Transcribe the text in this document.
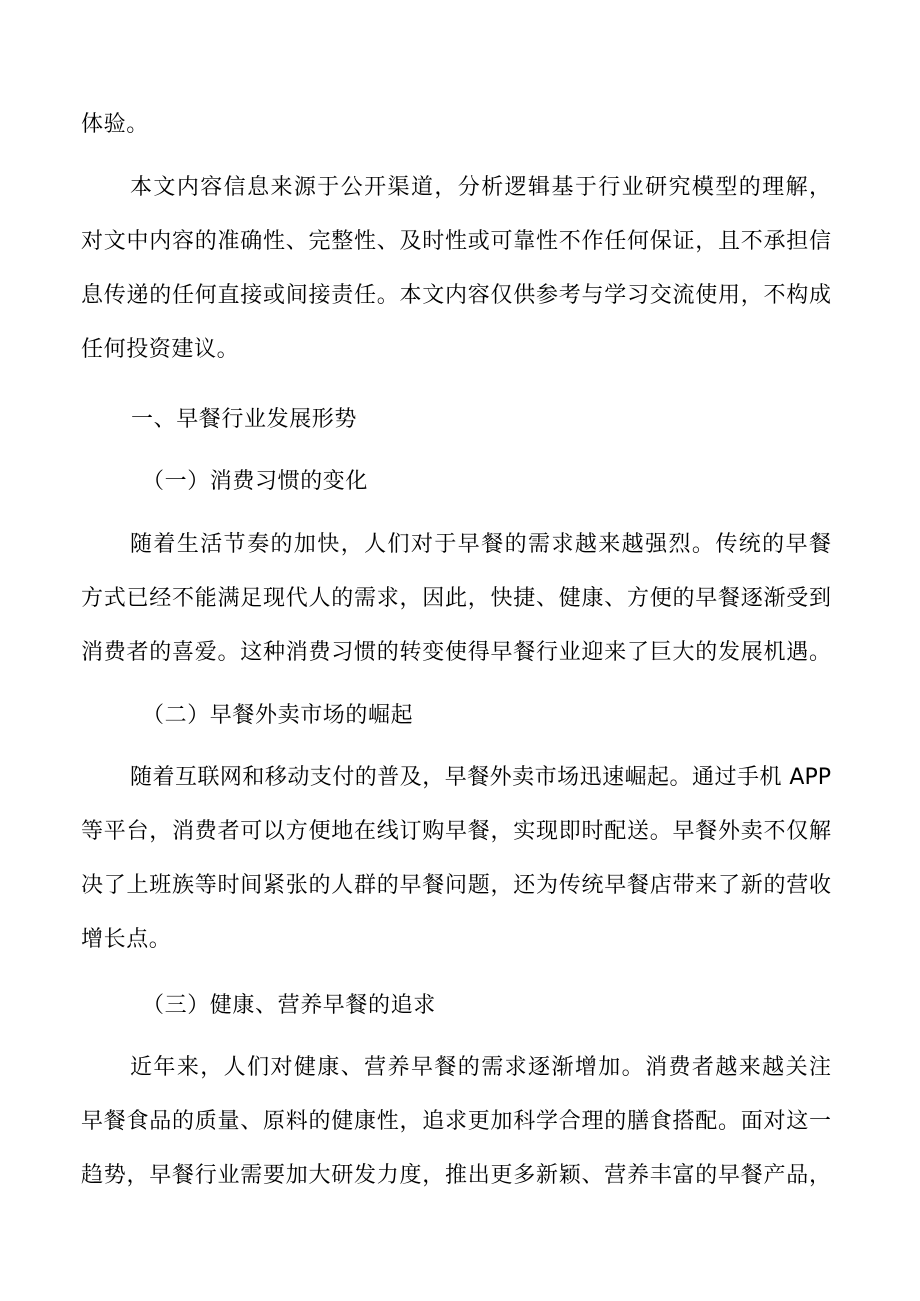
体验。
本文内容信息来源于公开渠道，分析逻辑基于行业研究模型的理解，
对文中内容的准确性、完整性、及时性或可靠性不作任何保证，且不承担信
息传递的任何直接或间接责任。本文内容仅供参考与学习交流使用，不构成
任何投资建议。
一、早餐行业发展形势
（一）消费习惯的变化
随着生活节奏的加快，人们对于早餐的需求越来越强烈。传统的早餐
方式已经不能满足现代人的需求，因此，快捷、健康、方便的早餐逐渐受到
消费者的喜爱。这种消费习惯的转变使得早餐行业迎来了巨大的发展机遇。
（二）早餐外卖市场的崛起
随着互联网和移动支付的普及，早餐外卖市场迅速崛起。通过手机 APP
等平台，消费者可以方便地在线订购早餐，实现即时配送。早餐外卖不仅解
决了上班族等时间紧张的人群的早餐问题，还为传统早餐店带来了新的营收
增长点。
（三）健康、营养早餐的追求
近年来，人们对健康、营养早餐的需求逐渐增加。消费者越来越关注
早餐食品的质量、原料的健康性，追求更加科学合理的膳食搭配。面对这一
趋势，早餐行业需要加大研发力度，推出更多新颖、营养丰富的早餐产品，
